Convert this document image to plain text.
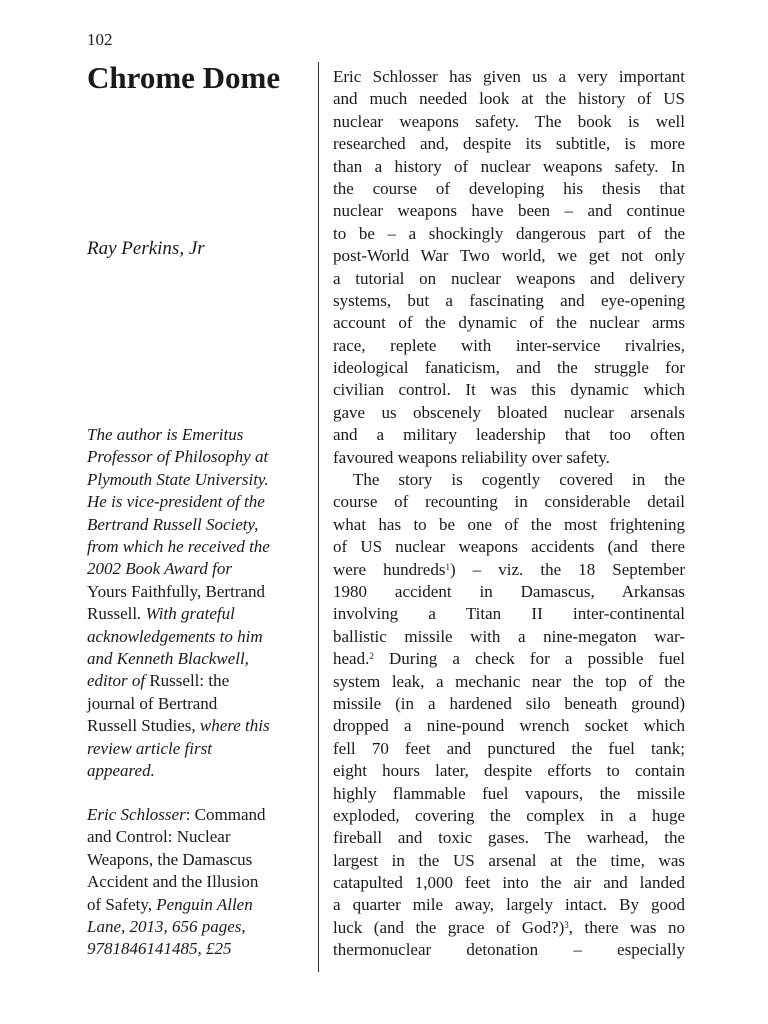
102
Chrome Dome
Ray Perkins, Jr
The author is Emeritus
Professor of Philosophy at
Plymouth State University.
He is vice-president of the
Bertrand Russell Society,
from which he received the
2002 Book Award for
Yours Faithfully, Bertrand
Russell. With grateful
acknowledgements to him
and Kenneth Blackwell,
editor of Russell: the
journal of Bertrand
Russell Studies, where this
review article first
appeared.
Eric Schlosser: Command
and Control: Nuclear
Weapons, the Damascus
Accident and the Illusion
of Safety, Penguin Allen
Lane, 2013, 656 pages,
9781846141485, £25
Eric Schlosser has given us a very important
and much needed look at the history of US
nuclear weapons safety. The book is well
researched and, despite its subtitle, is more
than a history of nuclear weapons safety. In
the course of developing his thesis that
nuclear weapons have been – and continue
to be – a shockingly dangerous part of the
post-World War Two world, we get not only
a tutorial on nuclear weapons and delivery
systems, but a fascinating and eye-opening
account of the dynamic of the nuclear arms
race, replete with inter-service rivalries,
ideological fanaticism, and the struggle for
civilian control. It was this dynamic which
gave us obscenely bloated nuclear arsenals
and a military leadership that too often
favoured weapons reliability over safety.
The story is cogently covered in the
course of recounting in considerable detail
what has to be one of the most frightening
of US nuclear weapons accidents (and there
were hundreds$^1$) – viz. the 18 September
1980 accident in Damascus, Arkansas
involving a Titan II inter-continental
ballistic missile with a nine-megaton war-
head.$^2$ During a check for a possible fuel
system leak, a mechanic near the top of the
missile (in a hardened silo beneath ground)
dropped a nine-pound wrench socket which
fell 70 feet and punctured the fuel tank;
eight hours later, despite efforts to contain
highly flammable fuel vapours, the missile
exploded, covering the complex in a huge
fireball and toxic gases. The warhead, the
largest in the US arsenal at the time, was
catapulted 1,000 feet into the air and landed
a quarter mile away, largely intact. By good
luck (and the grace of God?)$^3$, there was no
thermonuclear detonation – especially
